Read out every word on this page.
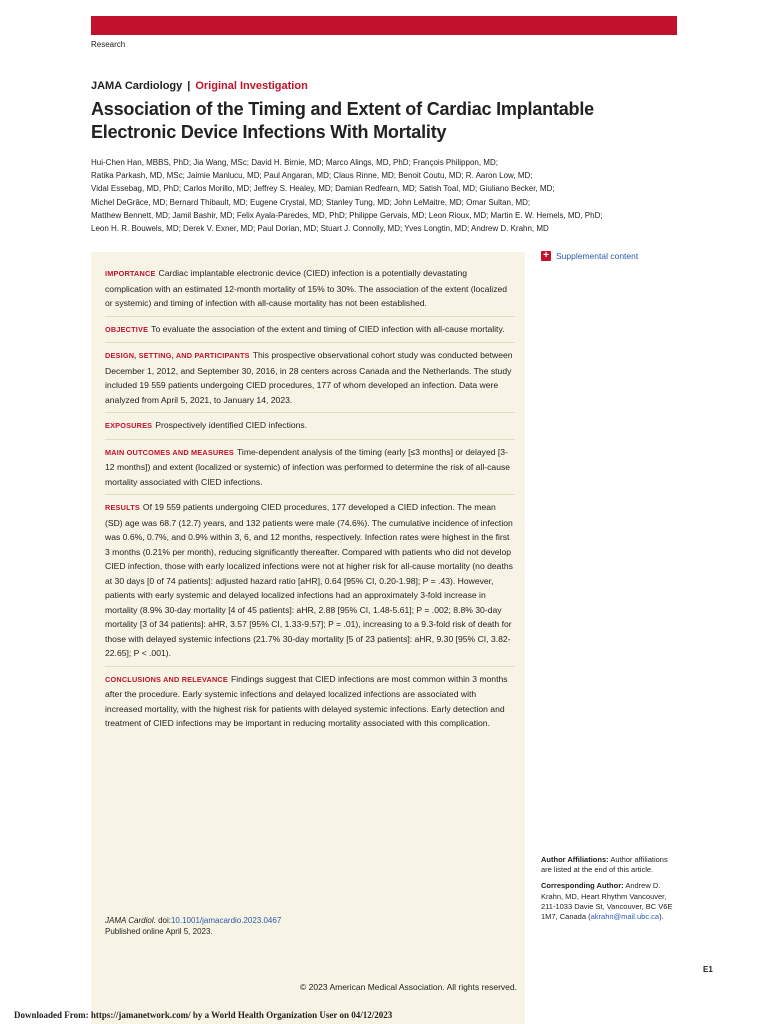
Research
JAMA Cardiology | Original Investigation
Association of the Timing and Extent of Cardiac Implantable
Electronic Device Infections With Mortality
Hui-Chen Han, MBBS, PhD; Jia Wang, MSc; David H. Birnie, MD; Marco Alings, MD, PhD; François Philippon, MD;
Ratika Parkash, MD, MSc; Jaimie Manlucu, MD; Paul Angaran, MD; Claus Rinne, MD; Benoit Coutu, MD; R. Aaron Low, MD;
Vidal Essebag, MD, PhD; Carlos Morillo, MD; Jeffrey S. Healey, MD; Damian Redfearn, MD; Satish Toal, MD; Giuliano Becker, MD;
Michel DeGrâce, MD; Bernard Thibault, MD; Eugene Crystal, MD; Stanley Tung, MD; John LeMaitre, MD; Omar Sultan, MD;
Matthew Bennett, MD; Jamil Bashir, MD; Felix Ayala-Paredes, MD, PhD; Philippe Gervais, MD; Leon Rioux, MD; Martin E. W. Hemels, MD, PhD;
Leon H. R. Bouwels, MD; Derek V. Exner, MD; Paul Dorian, MD; Stuart J. Connolly, MD; Yves Longtin, MD; Andrew D. Krahn, MD
+ Supplemental content
IMPORTANCE Cardiac implantable electronic device (CIED) infection is a potentially devastating complication with an estimated 12-month mortality of 15% to 30%. The association of the extent (localized or systemic) and timing of infection with all-cause mortality has not been established.
OBJECTIVE To evaluate the association of the extent and timing of CIED infection with all-cause mortality.
DESIGN, SETTING, AND PARTICIPANTS This prospective observational cohort study was conducted between December 1, 2012, and September 30, 2016, in 28 centers across Canada and the Netherlands. The study included 19 559 patients undergoing CIED procedures, 177 of whom developed an infection. Data were analyzed from April 5, 2021, to January 14, 2023.
EXPOSURES Prospectively identified CIED infections.
MAIN OUTCOMES AND MEASURES Time-dependent analysis of the timing (early [≤3 months] or delayed [3-12 months]) and extent (localized or systemic) of infection was performed to determine the risk of all-cause mortality associated with CIED infections.
RESULTS Of 19 559 patients undergoing CIED procedures, 177 developed a CIED infection. The mean (SD) age was 68.7 (12.7) years, and 132 patients were male (74.6%). The cumulative incidence of infection was 0.6%, 0.7%, and 0.9% within 3, 6, and 12 months, respectively. Infection rates were highest in the first 3 months (0.21% per month), reducing significantly thereafter. Compared with patients who did not develop CIED infection, those with early localized infections were not at higher risk for all-cause mortality (no deaths at 30 days [0 of 74 patients]: adjusted hazard ratio [aHR], 0.64 [95% CI, 0.20-1.98]; P = .43). However, patients with early systemic and delayed localized infections had an approximately 3-fold increase in mortality (8.9% 30-day mortality [4 of 45 patients]: aHR, 2.88 [95% CI, 1.48-5.61]; P = .002; 8.8% 30-day mortality [3 of 34 patients]: aHR, 3.57 [95% CI, 1.33-9.57]; P = .01), increasing to a 9.3-fold risk of death for those with delayed systemic infections (21.7% 30-day mortality [5 of 23 patients]: aHR, 9.30 [95% CI, 3.82-22.65]; P < .001).
CONCLUSIONS AND RELEVANCE Findings suggest that CIED infections are most common within 3 months after the procedure. Early systemic infections and delayed localized infections are associated with increased mortality, with the highest risk for patients with delayed systemic infections. Early detection and treatment of CIED infections may be important in reducing mortality associated with this complication.
JAMA Cardiol. doi:10.1001/jamacardio.2023.0467
Published online April 5, 2023.
© 2023 American Medical Association. All rights reserved.

Author Affiliations: Author affiliations are listed at the end of this article.

Corresponding Author: Andrew D. Krahn, MD, Heart Rhythm Vancouver, 211-1033 Davie St, Vancouver, BC V6E 1M7, Canada (akrahn@mail.ubc.ca).

E1
Downloaded From: https://jamanetwork.com/ by a World Health Organization User on 04/12/2023
